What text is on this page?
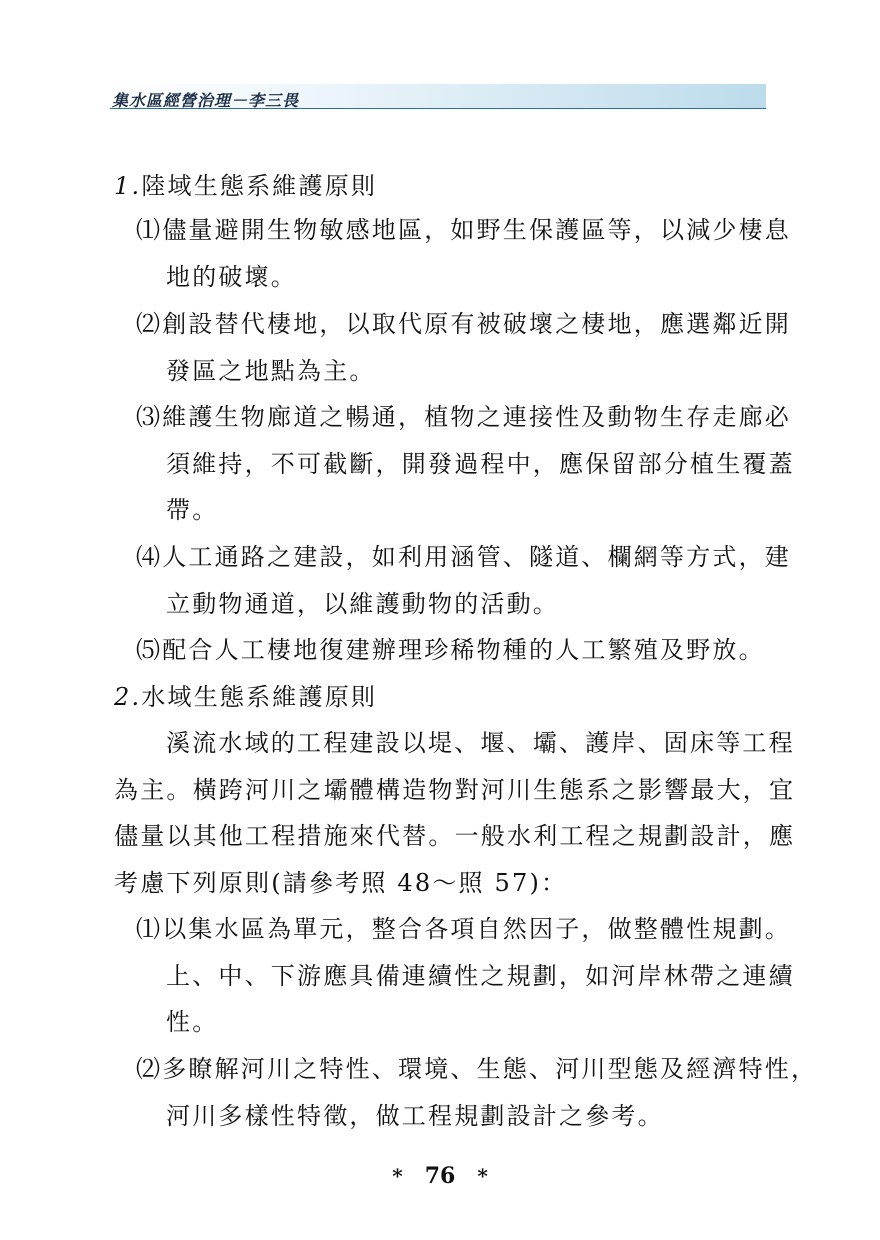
集水區經營治理－李三畏
1.陸域生態系維護原則
⑴儘量避開生物敏感地區，如野生保護區等，以減少棲息
地的破壞。
⑵創設替代棲地，以取代原有被破壞之棲地，應選鄰近開
發區之地點為主。
⑶維護生物廊道之暢通，植物之連接性及動物生存走廊必
須維持，不可截斷，開發過程中，應保留部分植生覆蓋
帶。
⑷人工通路之建設，如利用涵管、隧道、欄網等方式，建
立動物通道，以維護動物的活動。
⑸配合人工棲地復建辦理珍稀物種的人工繁殖及野放。
2.水域生態系維護原則
溪流水域的工程建設以堤、堰、壩、護岸、固床等工程
為主。橫跨河川之壩體構造物對河川生態系之影響最大，宜
儘量以其他工程措施來代替。一般水利工程之規劃設計，應
考慮下列原則(請參考照 48～照 57)：
⑴以集水區為單元，整合各項自然因子，做整體性規劃。
上、中、下游應具備連續性之規劃，如河岸林帶之連續
性。
⑵多瞭解河川之特性、環境、生態、河川型態及經濟特性，
河川多樣性特徵，做工程規劃設計之參考。
* 76 *
